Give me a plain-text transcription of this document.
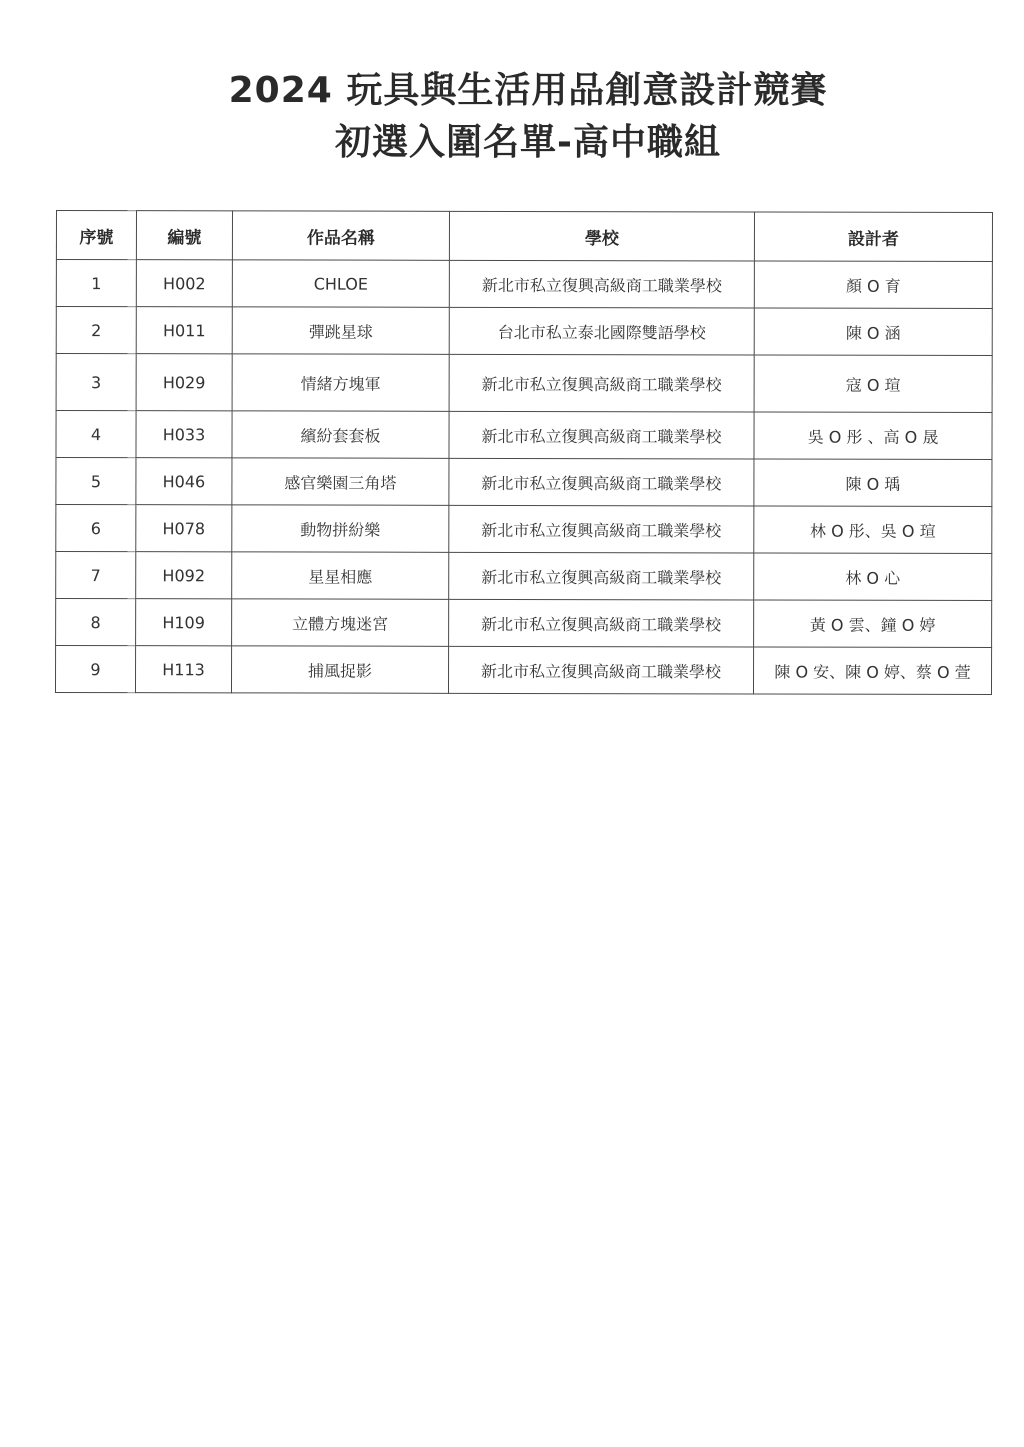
2024 玩具與生活用品創意設計競賽
初選入圍名單-高中職組
序號	編號	作品名稱	學校	設計者
1	H002	CHLOE	新北市私立復興高級商工職業學校	顏 O 育
2	H011	彈跳星球	台北市私立泰北國際雙語學校	陳 O 涵
3	H029	情緒方塊軍	新北市私立復興高級商工職業學校	寇 O 瑄
4	H033	繽紛套套板	新北市私立復興高級商工職業學校	吳 O 彤 、高 O 晟
5	H046	感官樂園三角塔	新北市私立復興高級商工職業學校	陳 O 瑀
6	H078	動物拼紛樂	新北市私立復興高級商工職業學校	林 O 彤、吳 O 瑄
7	H092	星星相應	新北市私立復興高級商工職業學校	林 O 心
8	H109	立體方塊迷宮	新北市私立復興高級商工職業學校	黃 O 雲、鐘 O 婷
9	H113	捕風捉影	新北市私立復興高級商工職業學校	陳 O 安、陳 O 婷、蔡 O 萱
